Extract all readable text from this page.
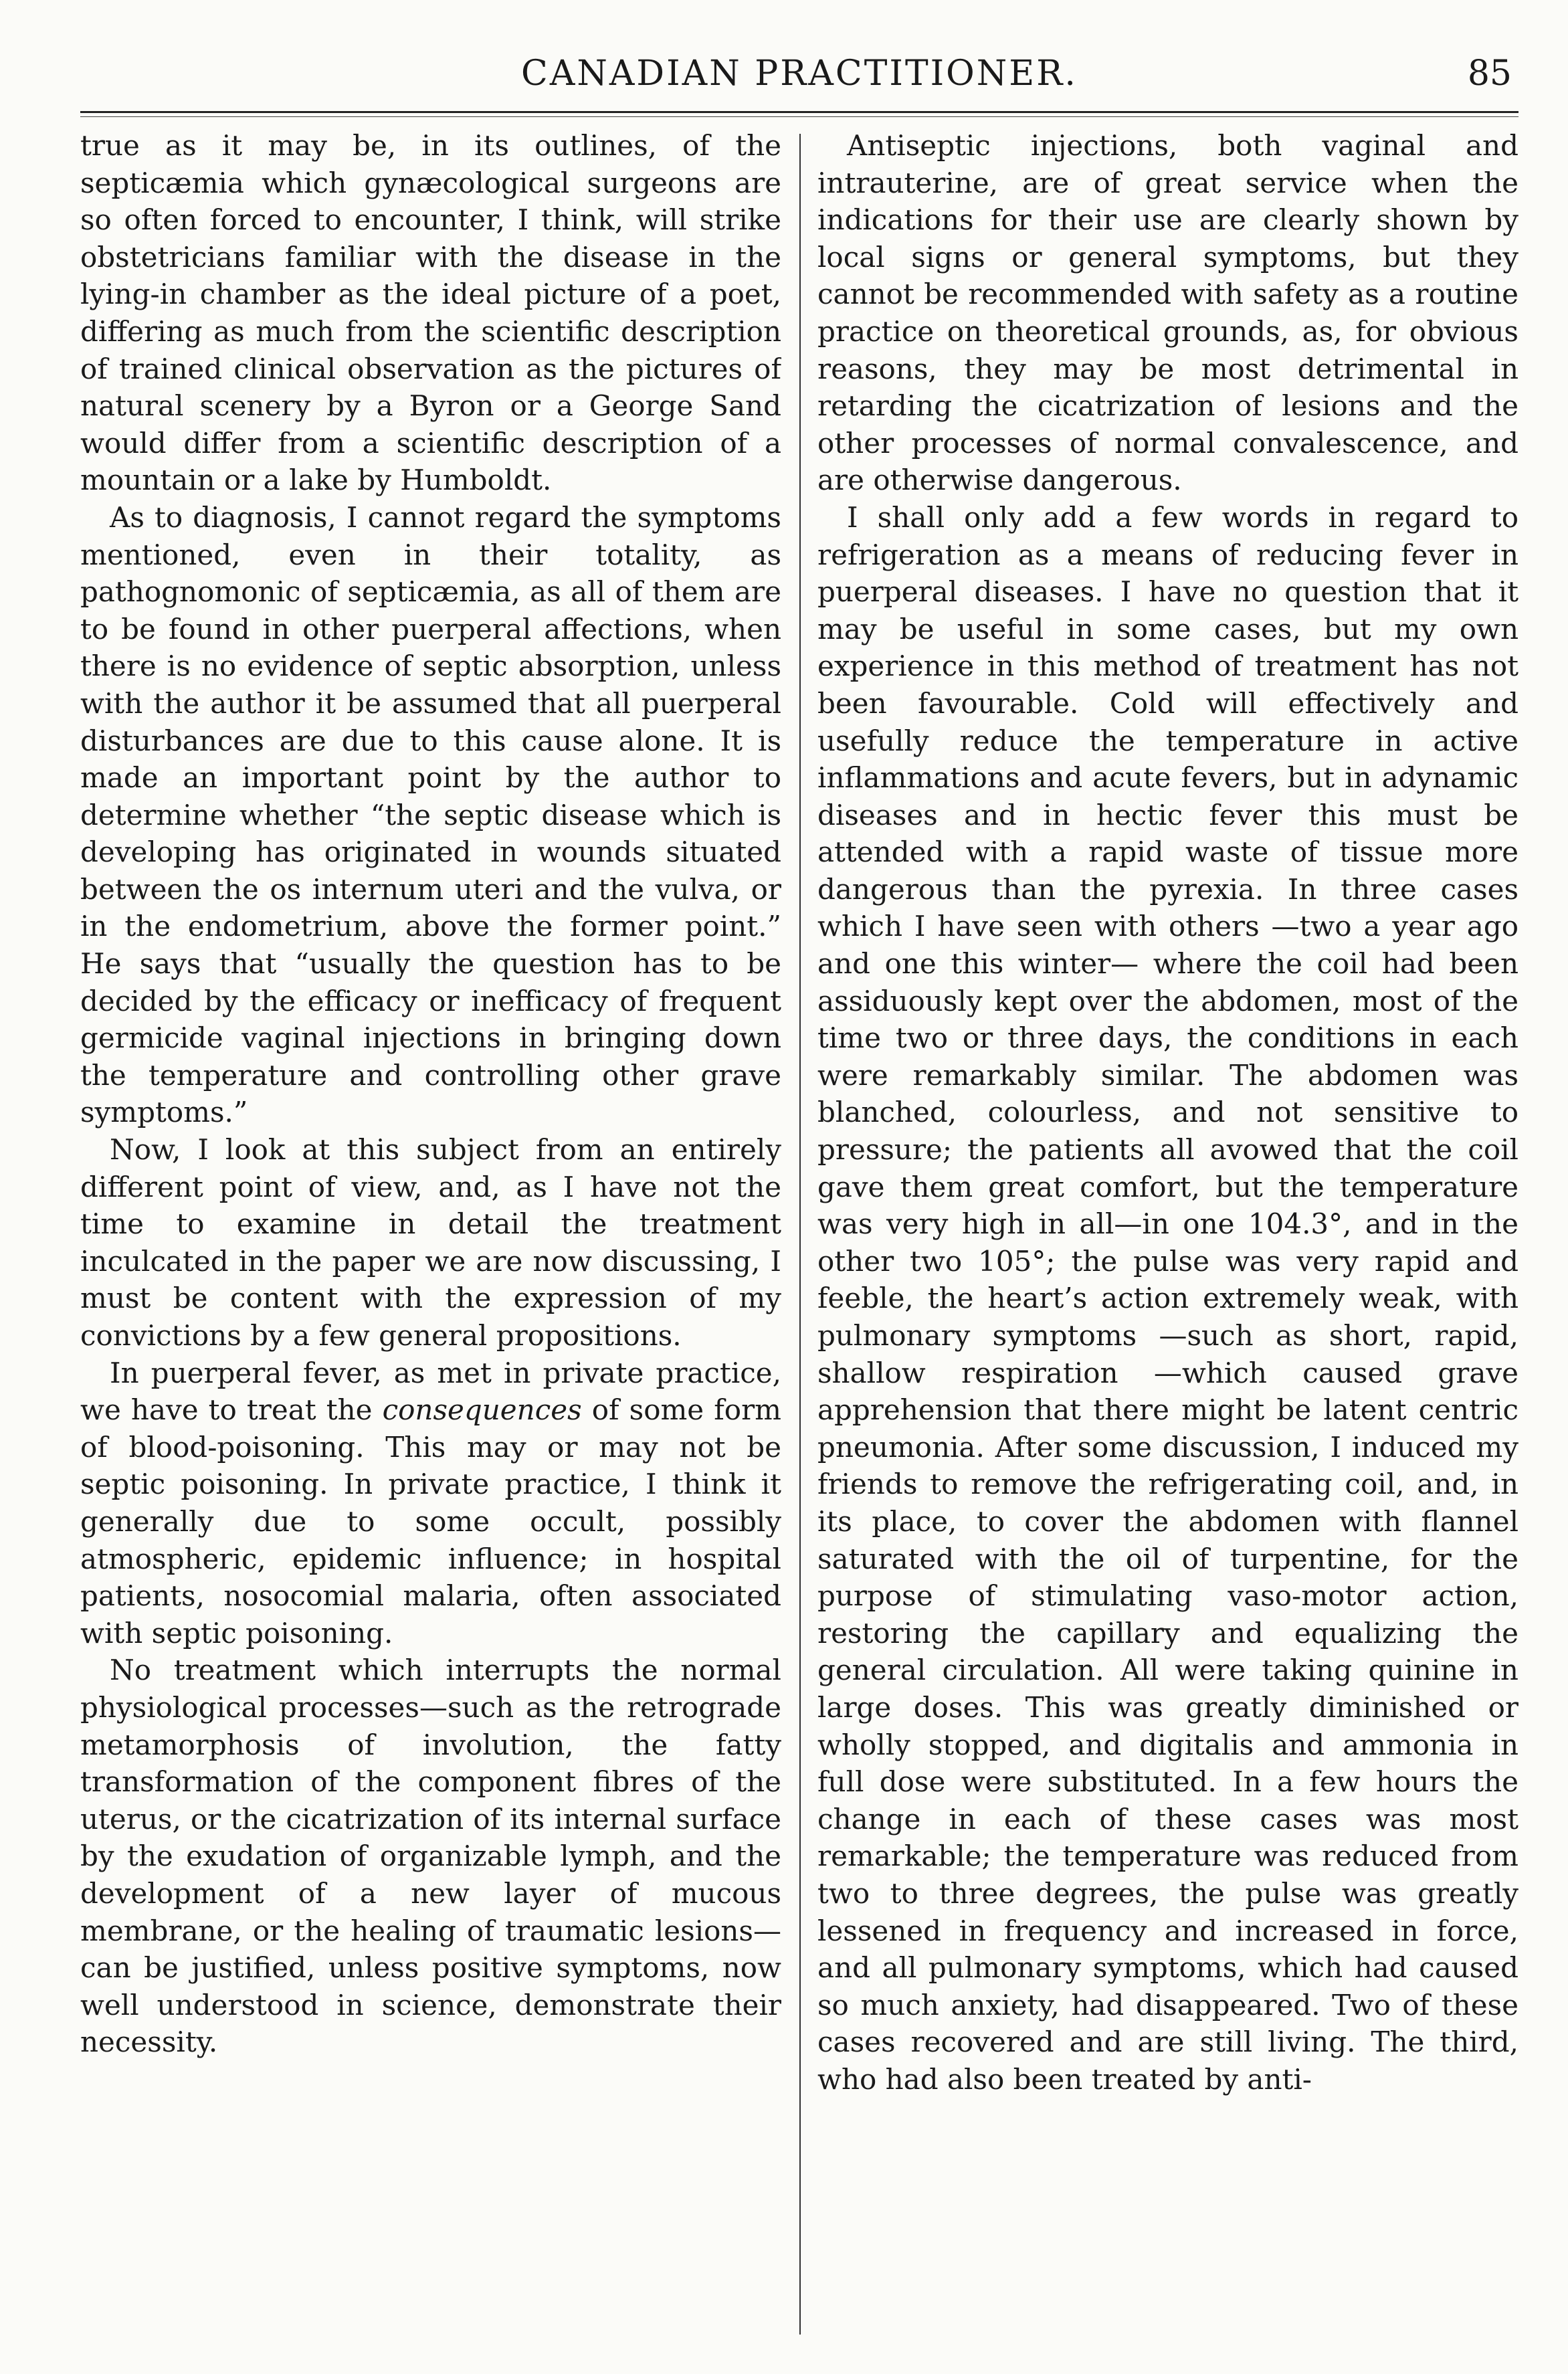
CANADIAN PRACTITIONER.	85

true as it may be, in its outlines, of the septicæmia which gynæcological surgeons are so often forced to encounter, I think, will strike obstetricians familiar with the disease in the lying-in chamber as the ideal picture of a poet, differing as much from the scientific description of trained clinical observation as the pictures of natural scenery by a Byron or a George Sand would differ from a scientific description of a mountain or a lake by Humboldt.

As to diagnosis, I cannot regard the symptoms mentioned, even in their totality, as pathognomonic of septicæmia, as all of them are to be found in other puerperal affections, when there is no evidence of septic absorption, unless with the author it be assumed that all puerperal disturbances are due to this cause alone. It is made an important point by the author to determine whether “the septic disease which is developing has originated in wounds situated between the os internum uteri and the vulva, or in the endometrium, above the former point.” He says that “usually the question has to be decided by the efficacy or inefficacy of frequent germicide vaginal injections in bringing down the temperature and controlling other grave symptoms.”

Now, I look at this subject from an entirely different point of view, and, as I have not the time to examine in detail the treatment inculcated in the paper we are now discussing, I must be content with the expression of my convictions by a few general propositions.

In puerperal fever, as met in private practice, we have to treat the consequences of some form of blood-poisoning. This may or may not be septic poisoning. In private practice, I think it generally due to some occult, possibly atmospheric, epidemic influence; in hospital patients, nosocomial malaria, often associated with septic poisoning.

No treatment which interrupts the normal physiological processes—such as the retrograde metamorphosis of involution, the fatty transformation of the component fibres of the uterus, or the cicatrization of its internal surface by the exudation of organizable lymph, and the development of a new layer of mucous membrane, or the healing of traumatic lesions—can be justified, unless positive symptoms, now well understood in science, demonstrate their necessity.

Antiseptic injections, both vaginal and intrauterine, are of great service when the indications for their use are clearly shown by local signs or general symptoms, but they cannot be recommended with safety as a routine practice on theoretical grounds, as, for obvious reasons, they may be most detrimental in retarding the cicatrization of lesions and the other processes of normal convalescence, and are otherwise dangerous.

I shall only add a few words in regard to refrigeration as a means of reducing fever in puerperal diseases. I have no question that it may be useful in some cases, but my own experience in this method of treatment has not been favourable. Cold will effectively and usefully reduce the temperature in active inflammations and acute fevers, but in adynamic diseases and in hectic fever this must be attended with a rapid waste of tissue more dangerous than the pyrexia. In three cases which I have seen with others —two a year ago and one this winter— where the coil had been assiduously kept over the abdomen, most of the time two or three days, the conditions in each were remarkably similar. The abdomen was blanched, colourless, and not sensitive to pressure; the patients all avowed that the coil gave them great comfort, but the temperature was very high in all—in one 104.3°, and in the other two 105°; the pulse was very rapid and feeble, the heart’s action extremely weak, with pulmonary symptoms —such as short, rapid, shallow respiration —which caused grave apprehension that there might be latent centric pneumonia. After some discussion, I induced my friends to remove the refrigerating coil, and, in its place, to cover the abdomen with flannel saturated with the oil of turpentine, for the purpose of stimulating vaso-motor action, restoring the capillary and equalizing the general circulation. All were taking quinine in large doses. This was greatly diminished or wholly stopped, and digitalis and ammonia in full dose were substituted. In a few hours the change in each of these cases was most remarkable; the temperature was reduced from two to three degrees, the pulse was greatly lessened in frequency and increased in force, and all pulmonary symptoms, which had caused so much anxiety, had disappeared. Two of these cases recovered and are still living. The third, who had also been treated by anti-
